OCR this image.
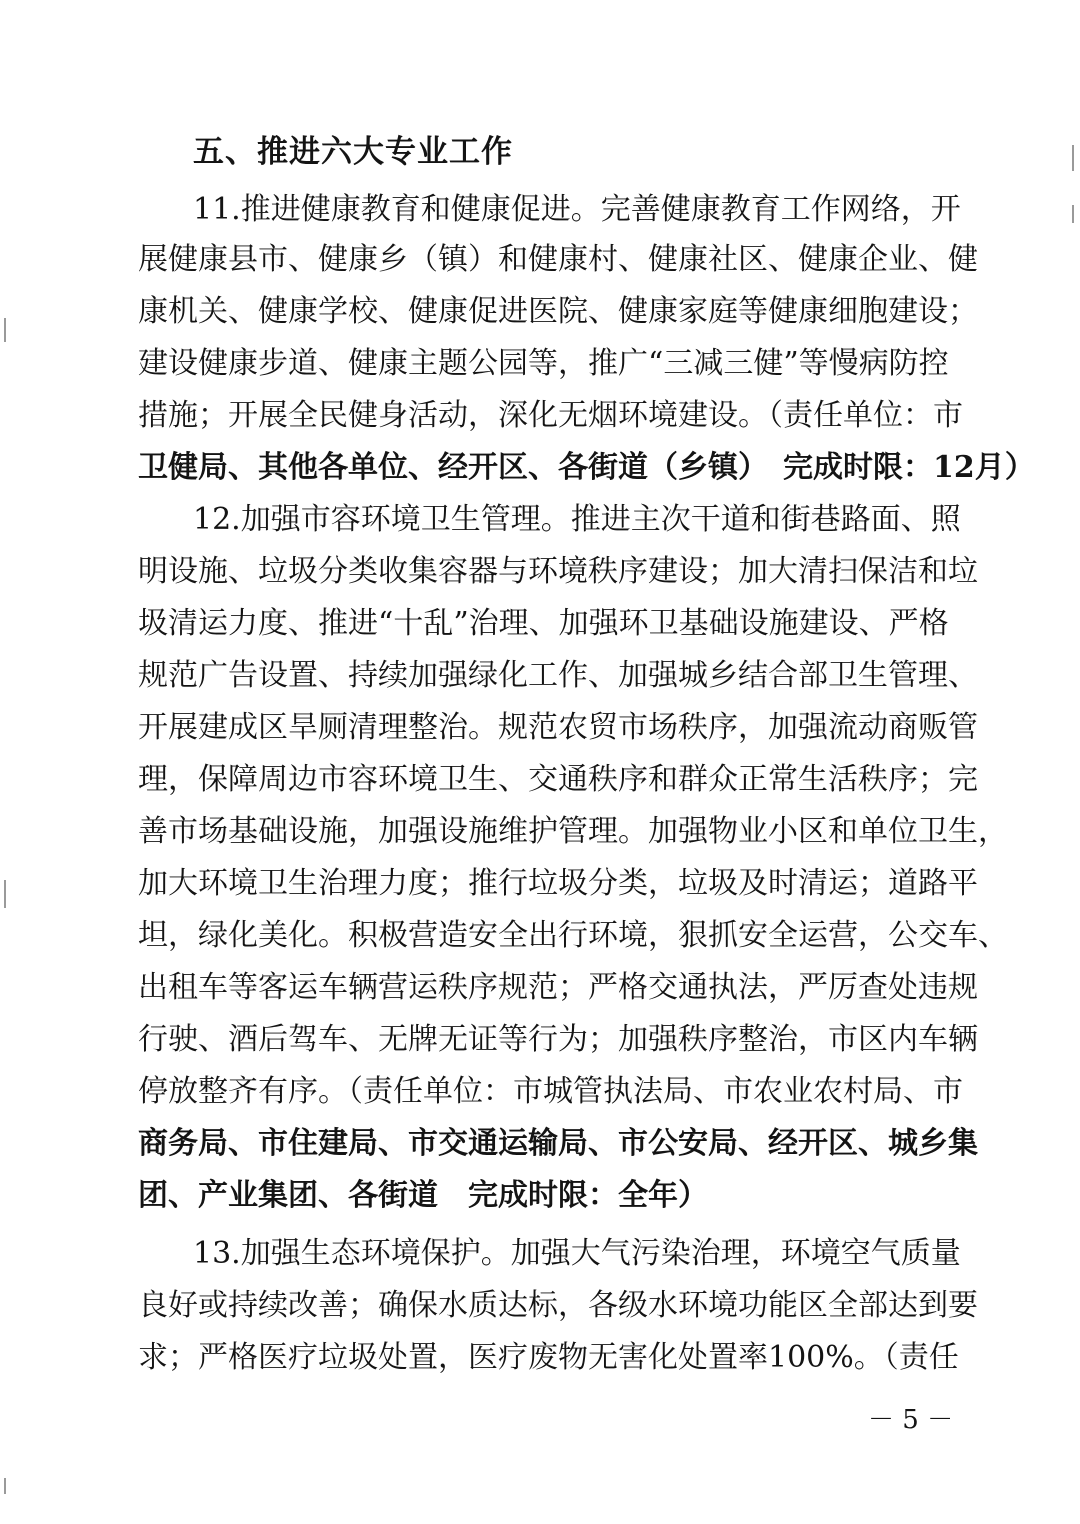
五、推进六大专业工作
11.推进健康教育和健康促进。完善健康教育工作网络，开
展健康县市、健康乡（镇）和健康村、健康社区、健康企业、健
康机关、健康学校、健康促进医院、健康家庭等健康细胞建设；
建设健康步道、健康主题公园等，推广“三减三健”等慢病防控
措施；开展全民健身活动，深化无烟环境建设。（责任单位：市
卫健局、其他各单位、经开区、各街道（乡镇）　完成时限：12月）
12.加强市容环境卫生管理。推进主次干道和街巷路面、照
明设施、垃圾分类收集容器与环境秩序建设；加大清扫保洁和垃
圾清运力度、推进“十乱”治理、加强环卫基础设施建设、严格
规范广告设置、持续加强绿化工作、加强城乡结合部卫生管理、
开展建成区旱厕清理整治。规范农贸市场秩序，加强流动商贩管
理，保障周边市容环境卫生、交通秩序和群众正常生活秩序；完
善市场基础设施，加强设施维护管理。加强物业小区和单位卫生，
加大环境卫生治理力度；推行垃圾分类，垃圾及时清运；道路平
坦，绿化美化。积极营造安全出行环境，狠抓安全运营，公交车、
出租车等客运车辆营运秩序规范；严格交通执法，严厉查处违规
行驶、酒后驾车、无牌无证等行为；加强秩序整治，市区内车辆
停放整齐有序。（责任单位：市城管执法局、市农业农村局、市
商务局、市住建局、市交通运输局、市公安局、经开区、城乡集
团、产业集团、各街道　完成时限：全年）
13.加强生态环境保护。加强大气污染治理，环境空气质量
良好或持续改善；确保水质达标，各级水环境功能区全部达到要
求；严格医疗垃圾处置，医疗废物无害化处置率100%。（责任
－ 5 －
